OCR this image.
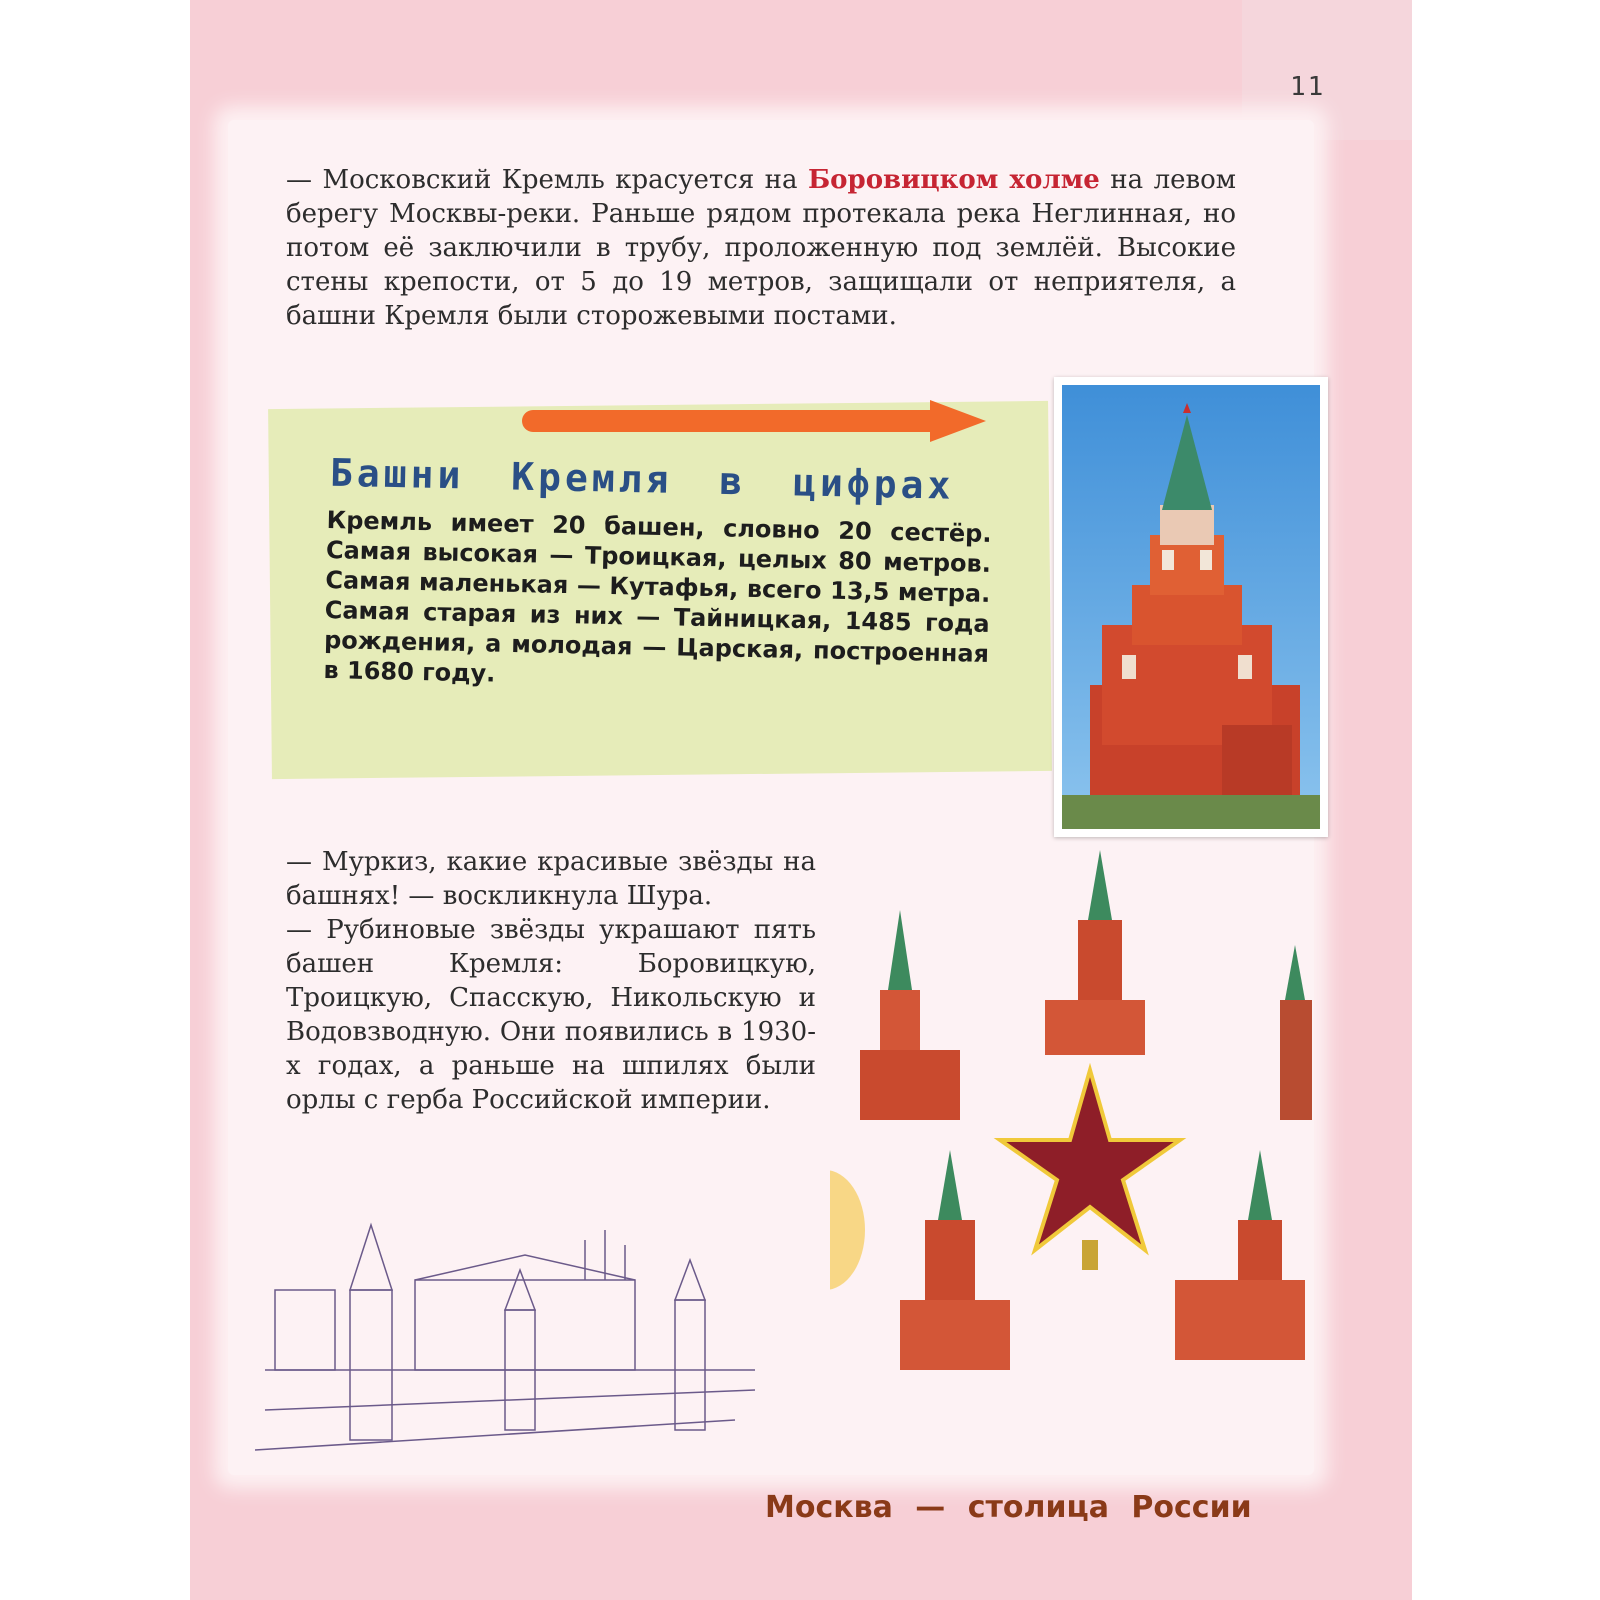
11

— Московский Кремль красуется на Боровицком холме на левом берегу Москвы-реки. Раньше рядом протекала река Неглинная, но потом её заключили в трубу, проложенную под землёй. Высокие стены крепости, от 5 до 19 метров, защищали от неприятеля, а башни Кремля были сторожевыми постами.

Башни Кремля в цифрах
Кремль имеет 20 башен, словно 20 сестёр. Самая высокая — Троицкая, целых 80 метров. Самая маленькая — Кутафья, всего 13,5 метра. Самая старая из них — Тайницкая, 1485 года рождения, а молодая — Царская, построенная в 1680 году.

— Муркиз, какие красивые звёзды на башнях! — воскликнула Шура.

— Рубиновые звёзды украшают пять башен Кремля: Боровицкую, Троицкую, Спасскую, Никольскую и Водовзводную. Они появились в 1930-х годах, а раньше на шпилях были орлы с герба Российской империи.

Москва — столица России
